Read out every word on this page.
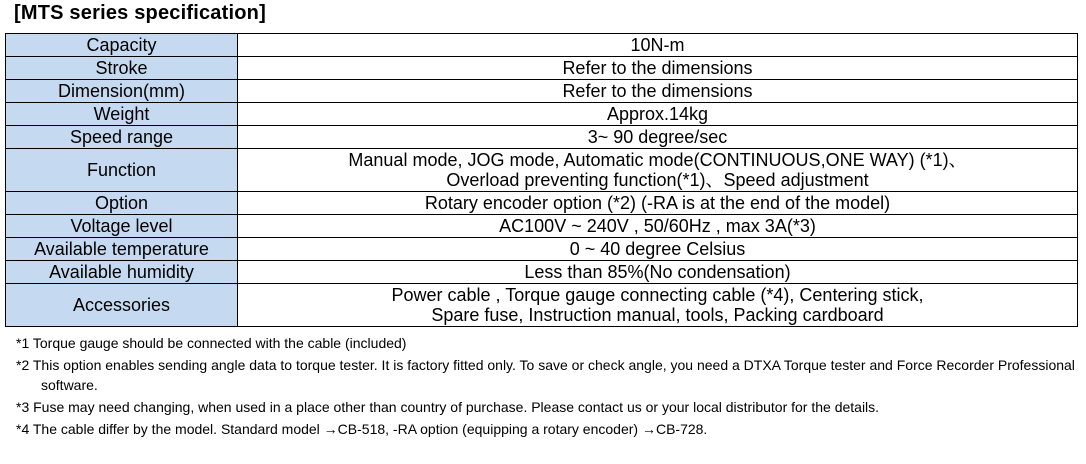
[MTS series specification]
Capacity	10N-m
Stroke	Refer to the dimensions
Dimension(mm)	Refer to the dimensions
Weight	Approx.14kg
Speed range	3~ 90 degree/sec
Function	Manual mode, JOG mode, Automatic mode(CONTINUOUS,ONE WAY) (*1)、
Overload preventing function(*1)、Speed adjustment

Option	Rotary encoder option (*2) (-RA is at the end of the model)
Voltage level	AC100V ~ 240V , 50/60Hz , max 3A(*3)
Available temperature	0 ~ 40 degree Celsius
Available humidity	Less than 85%(No condensation)
Accessories	Power cable , Torque gauge connecting cable (*4), Centering stick,
Spare fuse, Instruction manual, tools, Packing cardboard

*1 Torque gauge should be connected with the cable (included)

*2 This option enables sending angle data to torque tester. It is factory fitted only. To save or check angle, you need a DTXA Torque tester and Force Recorder Professional software.

*3 Fuse may need changing, when used in a place other than country of purchase. Please contact us or your local distributor for the details.

*4 The cable differ by the model. Standard model →CB-518, -RA option (equipping a rotary encoder) →CB-728.
